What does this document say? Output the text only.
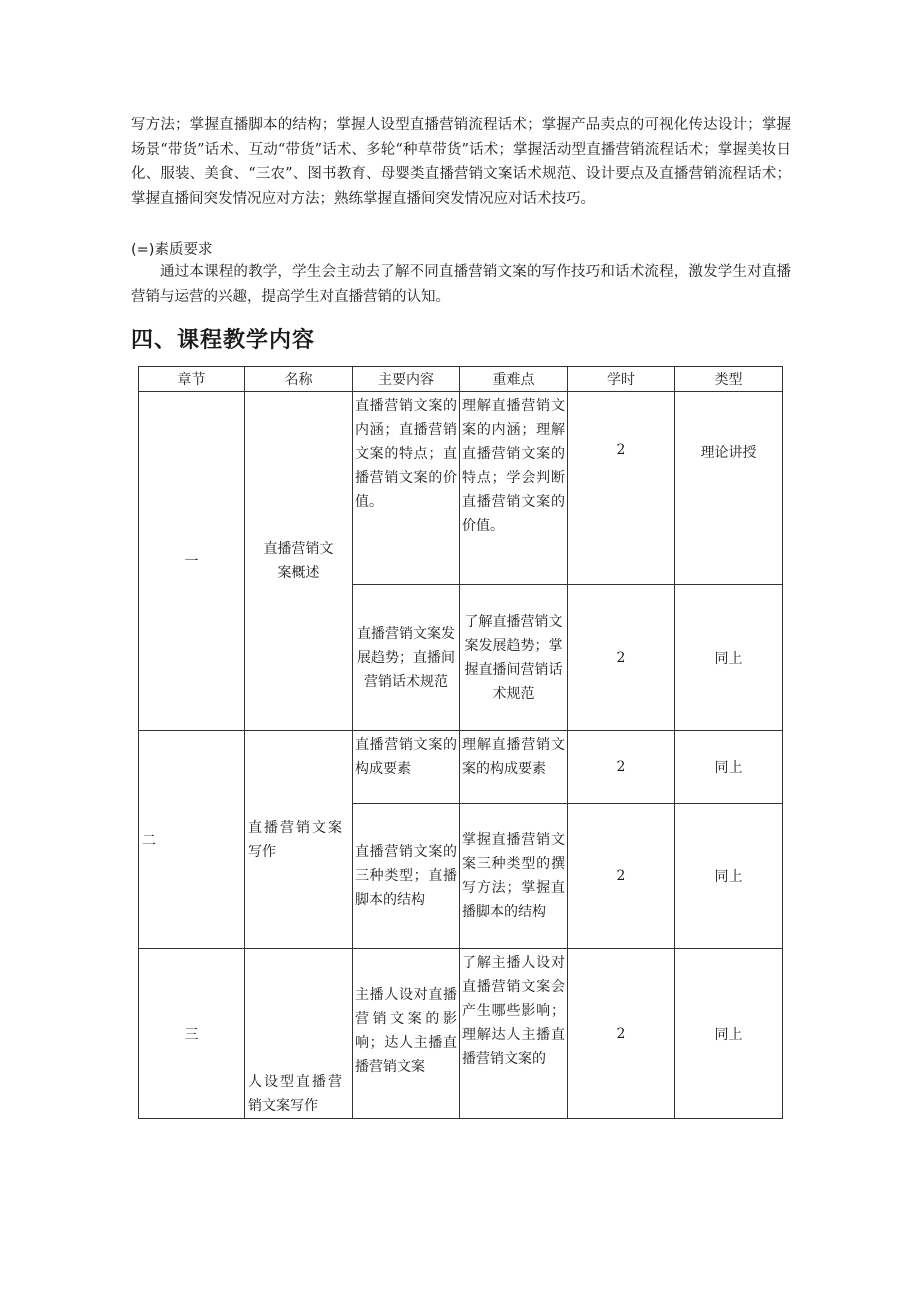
写方法；掌握直播脚本的结构；掌握人设型直播营销流程话术；掌握产品卖点的可视化传达设计；掌握场景“带货”话术、互动“带货”话术、多轮“种草带货”话术；掌握活动型直播营销流程话术；掌握美妆日化、服装、美食、“三农”、图书教育、母婴类直播营销文案话术规范、设计要点及直播营销流程话术；掌握直播间突发情况应对方法；熟练掌握直播间突发情况应对话术技巧。
(=)素质要求
通过本课程的教学，学生会主动去了解不同直播营销文案的写作技巧和话术流程，激发学生对直播营销与运营的兴趣，提高学生对直播营销的认知。
四、课程教学内容
章节	名称	主要内容	重难点	学时	类型
一	直播营销文案概述	直播营销文案的内涵；直播营销文案的特点；直播营销文案的价值。	理解直播营销文案的内涵；理解直播营销文案的特点；学会判断直播营销文案的价值。	2	理论讲授

		直播营销文案发展趋势；直播间营销话术规范	了解直播营销文案发展趋势；掌握直播间营销话术规范	2	同上
二	直播营销文案写作	直播营销文案的构成要素	理解直播营销文案的构成要素	2	同上

		直播营销文案的三种类型；直播脚本的结构	掌握直播营销文案三种类型的撰写方法；掌握直播脚本的结构	2	同上
三	人设型直播营销文案写作	主播人设对直播营销文案的影响；达人主播直播营销文案	了解主播人设对直播营销文案会产生哪些影响；理解达人主播直播营销文案的	2	同上
